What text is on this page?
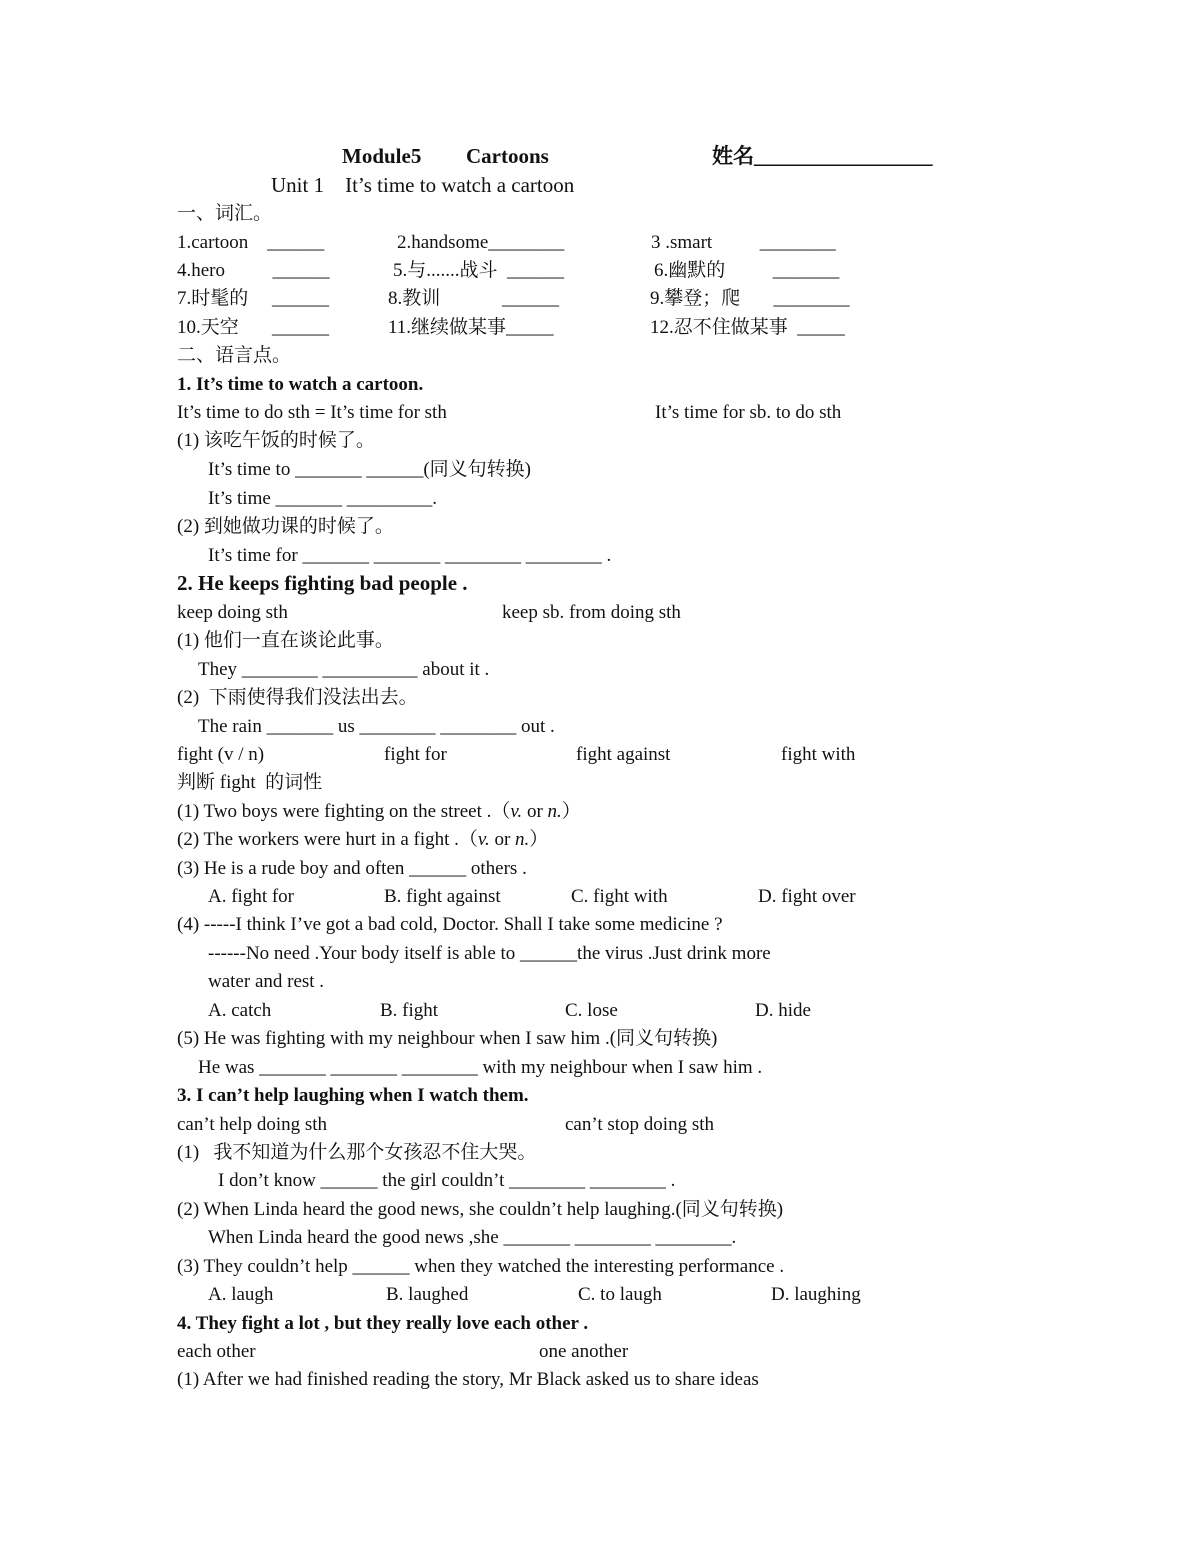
Module5 Cartoons	姓名_________________
Unit 1    It’s time to watch a cartoon
一、词汇。
1.cartoon    ______	2.handsome________	3 .smart          ________
4.hero          ______	5.与.......战斗  ______	6.幽默的          _______
7.时髦的     ______	8.教训             ______	9.攀登；爬       ________
10.天空       ______	11.继续做某事_____	12.忍不住做某事  _____
二、语言点。
1. It’s time to watch a cartoon.
It’s time to do sth = It’s time for sth	It’s time for sb. to do sth
(1) 该吃午饭的时候了。
It’s time to _______ ______(同义句转换)
It’s time _______ _________.
(2) 到她做功课的时候了。
It’s time for _______ _______ ________ ________ .
2. He keeps fighting bad people .
keep doing sth	keep sb. from doing sth
(1) 他们一直在谈论此事。
They ________ __________ about it .
(2)  下雨使得我们没法出去。
The rain _______ us ________ ________ out .
fight (v / n)	fight for	fight against	fight with
判断 fight  的词性
(1) Two boys were fighting on the street .（v. or n.）
(2) The workers were hurt in a fight .（v. or n.）
(3) He is a rude boy and often ______ others .
A. fight for	B. fight against	C. fight with	D. fight over
(4) -----I think I’ve got a bad cold, Doctor. Shall I take some medicine ?
------No need .Your body itself is able to ______the virus .Just drink more
water and rest .
A. catch	B. fight	C. lose	D. hide
(5) He was fighting with my neighbour when I saw him .(同义句转换)
He was _______ _______ ________ with my neighbour when I saw him .
3. I can’t help laughing when I watch them.
can’t help doing sth	can’t stop doing sth
(1)   我不知道为什么那个女孩忍不住大哭。
I don’t know ______ the girl couldn’t ________ ________ .
(2) When Linda heard the good news, she couldn’t help laughing.(同义句转换)
When Linda heard the good news ,she _______ ________ ________.
(3) They couldn’t help ______ when they watched the interesting performance .
A. laugh	B. laughed	C. to laugh	D. laughing
4. They fight a lot , but they really love each other .
each other	one another
(1) After we had finished reading the story, Mr Black asked us to share ideas
